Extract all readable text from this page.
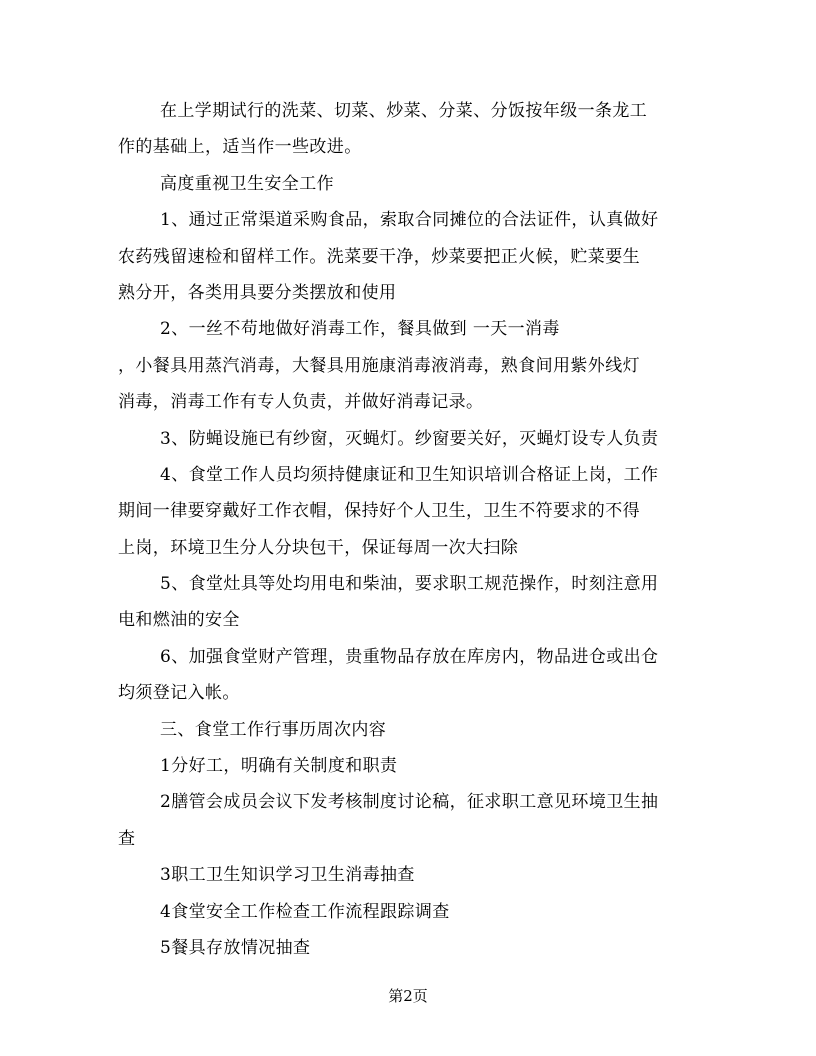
在上学期试行的洗菜、切菜、炒菜、分菜、分饭按年级一条龙工
作的基础上，适当作一些改进。
高度重视卫生安全工作
1、通过正常渠道采购食品，索取合同摊位的合法证件，认真做好
农药残留速检和留样工作。洗菜要干净，炒菜要把正火候，贮菜要生
熟分开，各类用具要分类摆放和使用
2、一丝不苟地做好消毒工作，餐具做到 一天一消毒
，小餐具用蒸汽消毒，大餐具用施康消毒液消毒，熟食间用紫外线灯
消毒，消毒工作有专人负责，并做好消毒记录。
3、防蝇设施已有纱窗，灭蝇灯。纱窗要关好，灭蝇灯设专人负责
4、食堂工作人员均须持健康证和卫生知识培训合格证上岗，工作
期间一律要穿戴好工作衣帽，保持好个人卫生，卫生不符要求的不得
上岗，环境卫生分人分块包干，保证每周一次大扫除
5、食堂灶具等处均用电和柴油，要求职工规范操作，时刻注意用
电和燃油的安全
6、加强食堂财产管理，贵重物品存放在库房内，物品进仓或出仓
均须登记入帐。
三、食堂工作行事历周次内容
1分好工，明确有关制度和职责
2膳管会成员会议下发考核制度讨论稿，征求职工意见环境卫生抽
查
3职工卫生知识学习卫生消毒抽查
4食堂安全工作检查工作流程跟踪调查
5餐具存放情况抽查
第2页
